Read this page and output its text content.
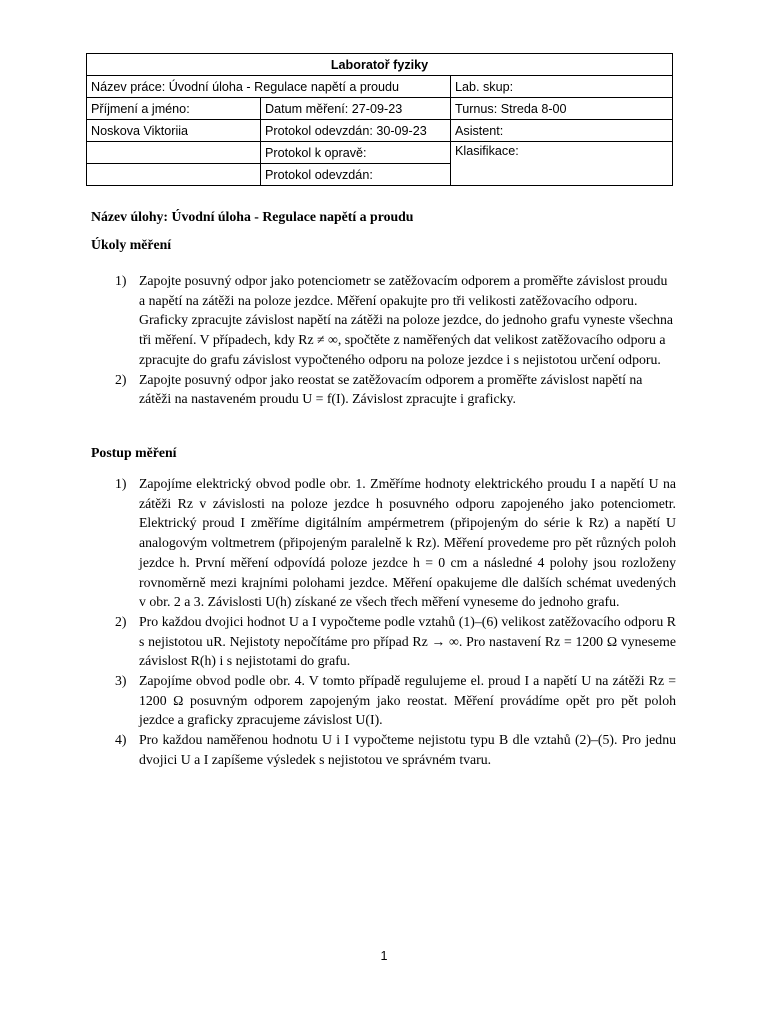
Laboratoř fyziky		
Název práce: Úvodní úloha - Regulace napětí a proudu		Lab. skup:
Příjmení a jméno:	Datum měření: 27-09-23	Turnus: Streda 8-00
Noskova Viktoriia	Protokol odevzdán: 30-09-23	Asistent:
	Protokol k opravě:	Klasifikace:
	Protokol odevzdán:	
Název úlohy: Úvodní úloha - Regulace napětí a proudu
Úkoly měření
1) Zapojte posuvný odpor jako potenciometr se zatěžovacím odporem a proměřte závislost proudu a napětí na zátěži na poloze jezdce. Měření opakujte pro tři velikosti zatěžovacího odporu. Graficky zpracujte závislost napětí na zátěži na poloze jezdce, do jednoho grafu vyneste všechna tři měření. V případech, kdy Rz ≠ ∞, spočtěte z naměřených dat velikost zatěžovacího odporu a zpracujte do grafu závislost vypočteného odporu na poloze jezdce i s nejistotou určení odporu.
2) Zapojte posuvný odpor jako reostat se zatěžovacím odporem a proměřte závislost napětí na zátěži na nastaveném proudu U = f(I). Závislost zpracujte i graficky.
Postup měření
1) Zapojíme elektrický obvod podle obr. 1. Změříme hodnoty elektrického proudu I a napětí U na zátěži Rz v závislosti na poloze jezdce h posuvného odporu zapojeného jako potenciometr. Elektrický proud I změříme digitálním ampérmetrem (připojeným do série k Rz) a napětí U analogovým voltmetrem (připojeným paralelně k Rz). Měření provedeme pro pět různých poloh jezdce h. První měření odpovídá poloze jezdce h = 0 cm a následné 4 polohy jsou rozloženy rovnoměrně mezi krajními polohami jezdce. Měření opakujeme dle dalších schémat uvedených v obr. 2 a 3. Závislosti U(h) získané ze všech třech měření vyneseme do jednoho grafu.
2) Pro každou dvojici hodnot U a I vypočteme podle vztahů (1)–(6) velikost zatěžovacího odporu R s nejistotou uR. Nejistoty nepočítáme pro případ Rz → ∞. Pro nastavení Rz = 1200 Ω vyneseme závislost R(h) i s nejistotami do grafu.
3) Zapojíme obvod podle obr. 4. V tomto případě regulujeme el. proud I a napětí U na zátěži Rz = 1200 Ω posuvným odporem zapojeným jako reostat. Měření provádíme opět pro pět poloh jezdce a graficky zpracujeme závislost U(I).
4) Pro každou naměřenou hodnotu U i I vypočteme nejistotu typu B dle vztahů (2)–(5). Pro jednu dvojici U a I zapíšeme výsledek s nejistotou ve správném tvaru.
1
